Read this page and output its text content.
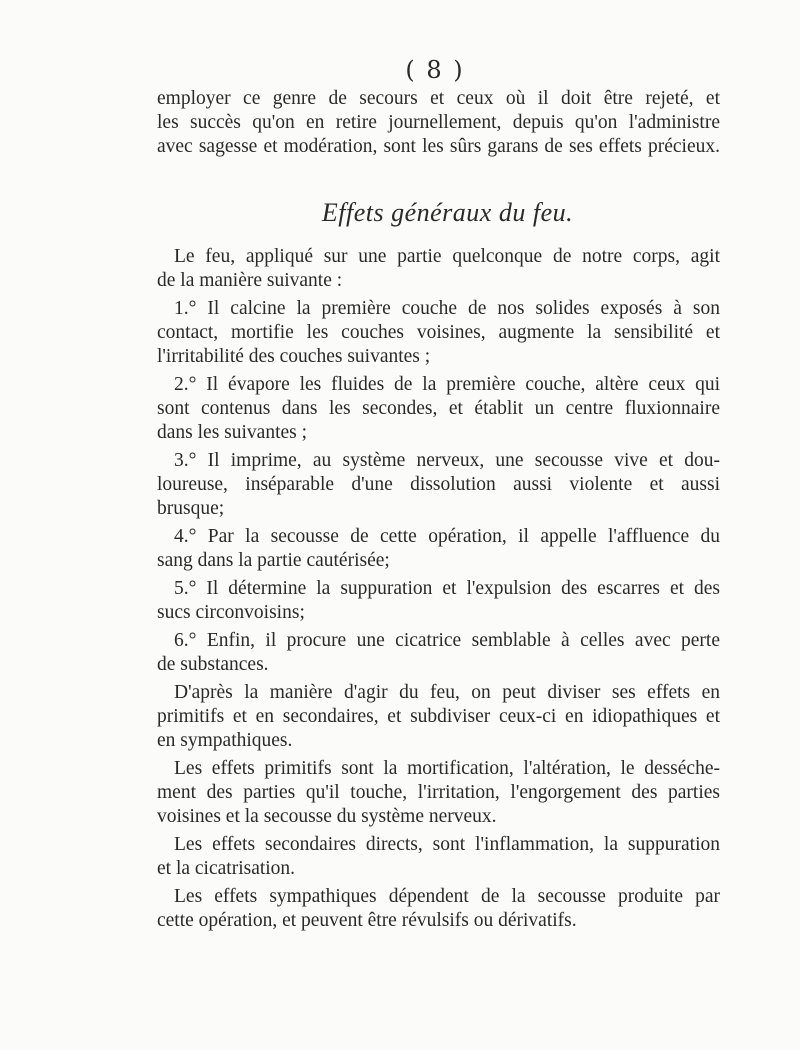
( 8 )
employer ce genre de secours et ceux où il doit être rejeté, et
les succès qu'on en retire journellement, depuis qu'on l'administre
avec sagesse et modération, sont les sûrs garans de ses effets précieux.
Effets généraux du feu.
Le feu, appliqué sur une partie quelconque de notre corps, agit
de la manière suivante :
1.° Il calcine la première couche de nos solides exposés à son
contact, mortifie les couches voisines, augmente la sensibilité et
l'irritabilité des couches suivantes ;
2.° Il évapore les fluides de la première couche, altère ceux qui
sont contenus dans les secondes, et établit un centre fluxionnaire
dans les suivantes ;
3.° Il imprime, au système nerveux, une secousse vive et dou-
loureuse, inséparable d'une dissolution aussi violente et aussi
brusque;
4.° Par la secousse de cette opération, il appelle l'affluence du
sang dans la partie cautérisée;
5.° Il détermine la suppuration et l'expulsion des escarres et des
sucs circonvoisins;
6.° Enfin, il procure une cicatrice semblable à celles avec perte
de substances.
D'après la manière d'agir du feu, on peut diviser ses effets en
primitifs et en secondaires, et subdiviser ceux-ci en idiopathiques et
en sympathiques.
Les effets primitifs sont la mortification, l'altération, le desséche-
ment des parties qu'il touche, l'irritation, l'engorgement des parties
voisines et la secousse du système nerveux.
Les effets secondaires directs, sont l'inflammation, la suppuration
et la cicatrisation.
Les effets sympathiques dépendent de la secousse produite par
cette opération, et peuvent être révulsifs ou dérivatifs.
